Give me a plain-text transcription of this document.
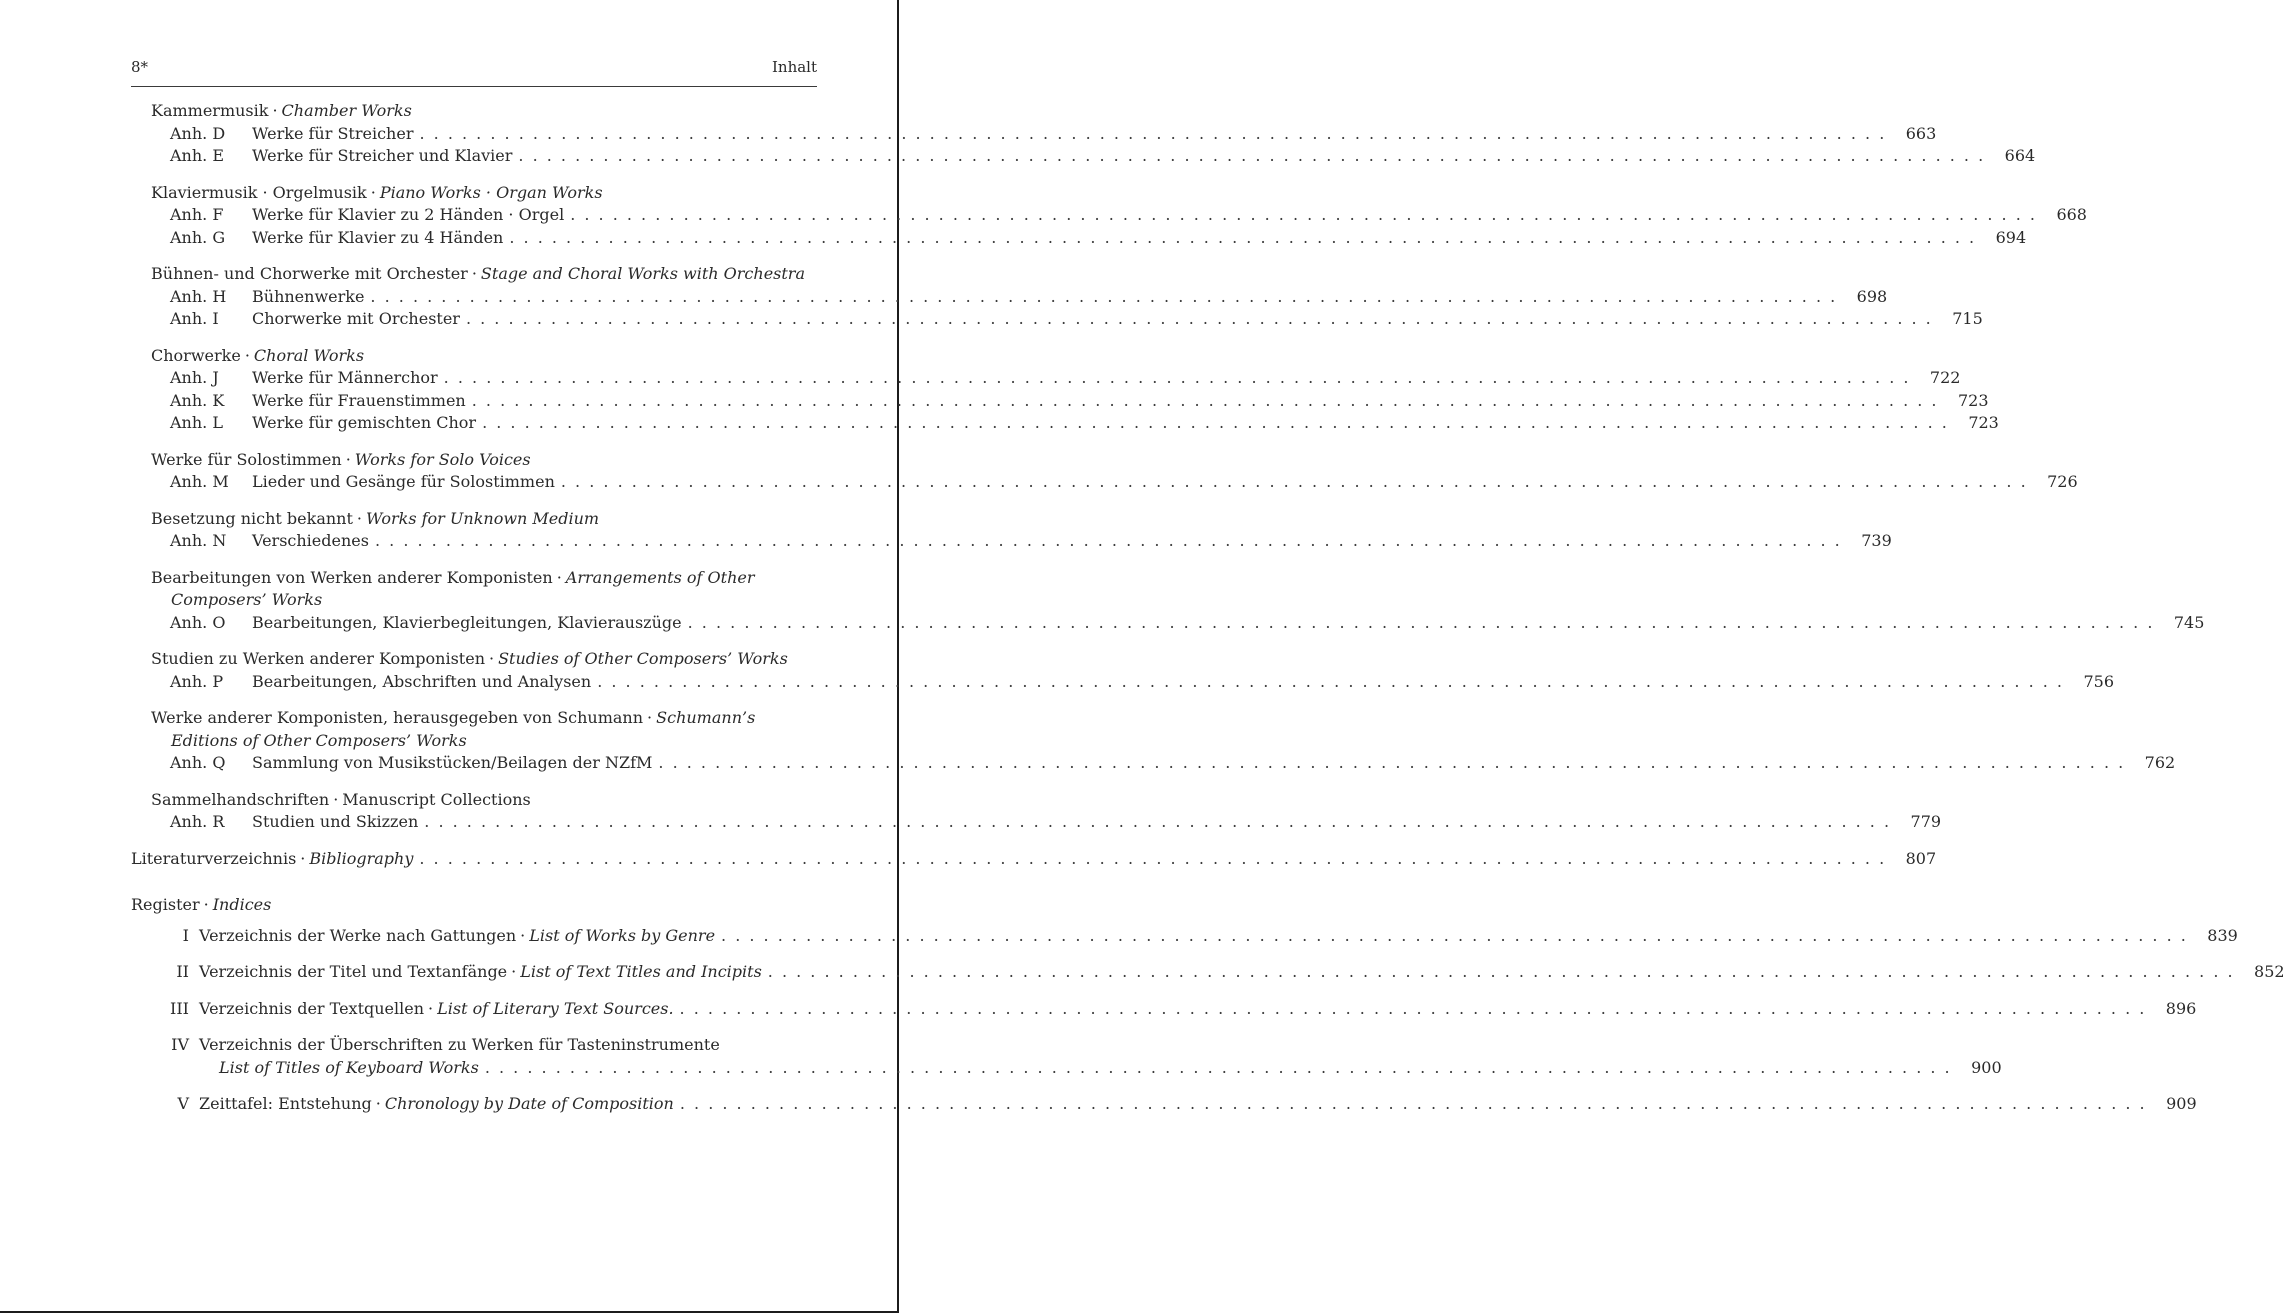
8*	Inhalt
Kammermusik · Chamber Works
Anh. D	Werke für Streicher . . .	663
Anh. E	Werke für Streicher und Klavier . . .	664
Klaviermusik · Orgelmusik · Piano Works · Organ Works
Anh. F	Werke für Klavier zu 2 Händen · Orgel . . .	668
Anh. G	Werke für Klavier zu 4 Händen . . .	694
Bühnen- und Chorwerke mit Orchester · Stage and Choral Works with Orchestra
Anh. H	Bühnenwerke . . .	698
Anh. I	Chorwerke mit Orchester . . .	715
Chorwerke · Choral Works
Anh. J	Werke für Männerchor . . .	722
Anh. K	Werke für Frauenstimmen . . .	723
Anh. L	Werke für gemischten Chor . . .	723
Werke für Solostimmen · Works for Solo Voices
Anh. M	Lieder und Gesänge für Solostimmen . . .	726
Besetzung nicht bekannt · Works for Unknown Medium
Anh. N	Verschiedenes . . .	739
Bearbeitungen von Werken anderer Komponisten · Arrangements of Other
Composers’ Works
Anh. O	Bearbeitungen, Klavierbegleitungen, Klavierauszüge . . .	745
Studien zu Werken anderer Komponisten · Studies of Other Composers’ Works
Anh. P	Bearbeitungen, Abschriften und Analysen . . .	756
Werke anderer Komponisten, herausgegeben von Schumann · Schumann’s
Editions of Other Composers’ Works
Anh. Q	Sammlung von Musikstücken/Beilagen der NZfM . . .	762
Sammelhandschriften · Manuscript Collections
Anh. R	Studien und Skizzen . . .	779
Literaturverzeichnis · Bibliography . . .	807
Register · Indices
I Verzeichnis der Werke nach Gattungen · List of Works by Genre . . .	839
II Verzeichnis der Titel und Textanfänge · List of Text Titles and Incipits . . .	852
III Verzeichnis der Textquellen · List of Literary Text Sources. . . .	896
IV Verzeichnis der Überschriften zu Werken für Tasteninstrumente
List of Titles of Keyboard Works . . .	900
V Zeittafel: Entstehung · Chronology by Date of Composition . . .	909
